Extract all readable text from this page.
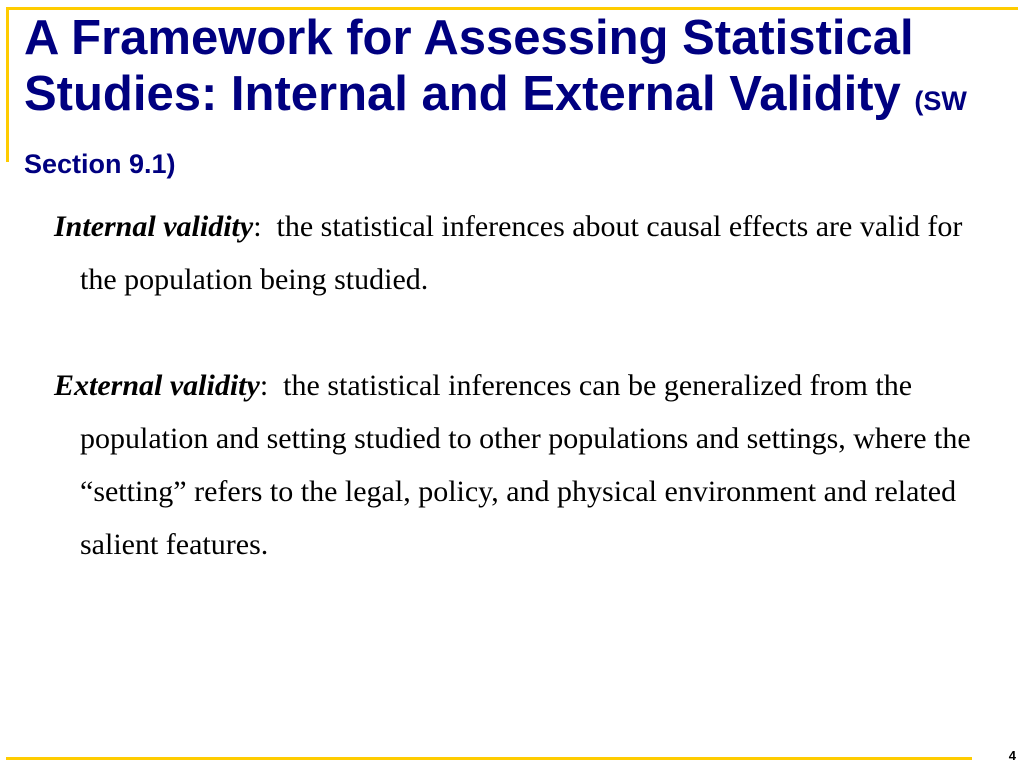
A Framework for Assessing Statistical Studies: Internal and External Validity (SW Section 9.1)

Internal validity: the statistical inferences about causal effects are valid for the population being studied.

External validity: the statistical inferences can be generalized from the population and setting studied to other populations and settings, where the “setting” refers to the legal, policy, and physical environment and related salient features.

4
